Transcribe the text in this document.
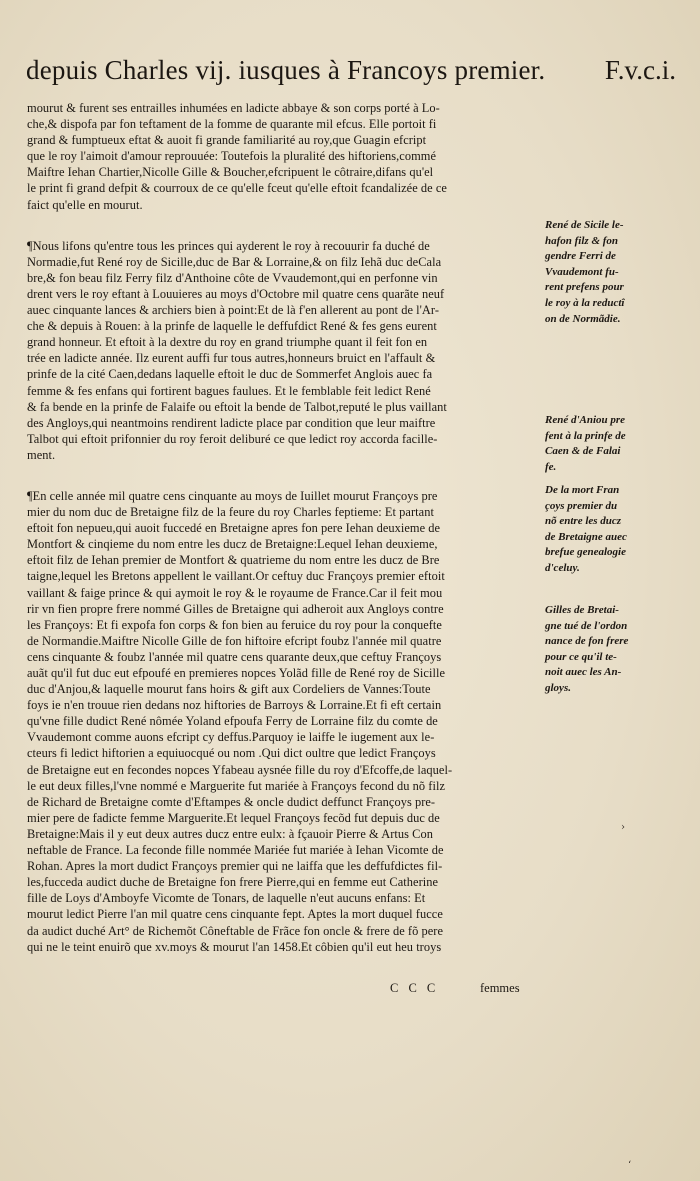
depuis Charles vij. iusques à Francoys premier. F.v.c.i.
mourut & furent ses entrailles inhumées en ladicte abbaye & son corps porté à Lo-
che,& dispofa par fon teftament de la fomme de quarante mil efcus. Elle portoit fi
grand & fumptueux eftat & auoit fi grande familiarité au roy,que Guagin efcript
que le roy l'aimoit d'amour reprouuée: Toutefois la pluralité des hiftoriens,commé
Maiftre Iehan Chartier,Nicolle Gille & Boucher,efcripuent le côtraire,difans qu'el
le print fi grand defpit & courroux de ce qu'elle fceut qu'elle eftoit fcandalizée de ce
faict qu'elle en mourut.
¶Nous lifons qu'entre tous les princes qui ayderent le roy à recouurir fa duché de
Normadie,fut René roy de Sicille,duc de Bar & Lorraine,& on filz Iehã duc deCala
bre,& fon beau filz Ferry filz d'Anthoine côte de Vvaudemont,qui en perfonne vin
drent vers le roy eftant à Louuieres au moys d'Octobre mil quatre cens quarãte neuf
auec cinquante lances & archiers bien à point:Et de là f'en allerent au pont de l'Ar-
che & depuis à Rouen: à la prinfe de laquelle le deffufdict René & fes gens eurent
grand honneur. Et eftoit à la dextre du roy en grand triumphe quant il feit fon en
trée en ladicte année. Ilz eurent auffi fur tous autres,honneurs bruict en l'affault &
prinfe de la cité Caen,dedans laquelle eftoit le duc de Sommerfet Anglois auec fa
femme & fes enfans qui fortirent bagues faulues. Et le femblable feit ledict René
& fa bende en la prinfe de Falaife ou eftoit la bende de Talbot,reputé le plus vaillant
des Angloys,qui neantmoins rendirent ladicte place par condition que leur maiftre
Talbot qui eftoit prifonnier du roy feroit deliburé ce que ledict roy accorda facille-
ment.
¶En celle année mil quatre cens cinquante au moys de Iuillet mourut Françoys pre
mier du nom duc de Bretaigne filz de la feure du roy Charles feptieme: Et partant
eftoit fon nepueu,qui auoit fuccedé en Bretaigne apres fon pere Iehan deuxieme de
Montfort & cinqieme du nom entre les ducz de Bretaigne:Lequel Iehan deuxieme,
eftoit filz de Iehan premier de Montfort & quatrieme du nom entre les ducz de Bre
taigne,lequel les Bretons appellent le vaillant.Or ceftuy duc Françoys premier eftoit
vaillant & faige prince & qui aymoit le roy & le royaume de France.Car il feit mou
rir vn fien propre frere nommé Gilles de Bretaigne qui adheroit aux Angloys contre
les Françoys: Et fi expofa fon corps & fon bien au feruice du roy pour la conquefte
de Normandie.Maiftre Nicolle Gille de fon hiftoire efcript foubz l'année mil quatre
cens cinquante & foubz l'année mil quatre cens quarante deux,que ceftuy Françoys
auãt qu'il fut duc eut efpoufé en premieres nopces Yolãd fille de René roy de Sicille
duc d'Anjou,& laquelle mourut fans hoirs & gift aux Cordeliers de Vannes:Toute
foys ie n'en trouue rien dedans noz hiftories de Barroys & Lorraine.Et fi eft certain
qu'vne fille dudict René nômée Yoland efpoufa Ferry de Lorraine filz du comte de
Vvaudemont comme auons efcript cy deffus.Parquoy ie laiffe le iugement aux le-
cteurs fi ledict hiftorien a equiuocqué ou nom .Qui dict oultre que ledict Françoys
de Bretaigne eut en fecondes nopces Yfabeau aysnée fille du roy d'Efcoffe,de laquel-
le eut deux filles,l'vne nommé e Marguerite fut mariée à Françoys fecond du nõ filz
de Richard de Bretaigne comte d'Eftampes & oncle dudict deffunct Françoys pre-
mier pere de fadicte femme Marguerite.Et lequel Françoys fecõd fut depuis duc de
Bretaigne:Mais il y eut deux autres ducz entre eulx: à fçauoir Pierre & Artus Con
neftable de France. La feconde fille nommée Mariée fut mariée à Iehan Vicomte de
Rohan. Apres la mort dudict Françoys premier qui ne laiffa que les deffufdictes fil-
les,fucceda audict duche de Bretaigne fon frere Pierre,qui en femme eut Catherine
fille de Loys d'Amboyfe Vicomte de Tonars, de laquelle n'eut aucuns enfans: Et
mourut ledict Pierre l'an mil quatre cens cinquante fept. Aptes la mort duquel fucce
da audict duché Art° de Richemõt Côneftable de Frãce fon oncle & frere de fõ pere
qui ne le teint enuirõ que xv.moys & mourut l'an 1458.Et côbien qu'il eut heu troys
René de Sicile le-
hafon filz & fon
gendre Ferri de
Vvaudemont fu-
rent prefens pour
le roy à la reductî
on de Normãdie.
René d'Aniou pre
fent à la prinfe de
Caen & de Falai
fe.
De la mort Fran
çoys premier du
nõ entre les ducz
de Bretaigne auec
brefue genealogie
d'celuy.
Gilles de Bretai-
gne tué de l'ordon
nance de fon frere
pour ce qu'il te-
noit auec les An-
gloys.
C C C	femmes
›
‘
